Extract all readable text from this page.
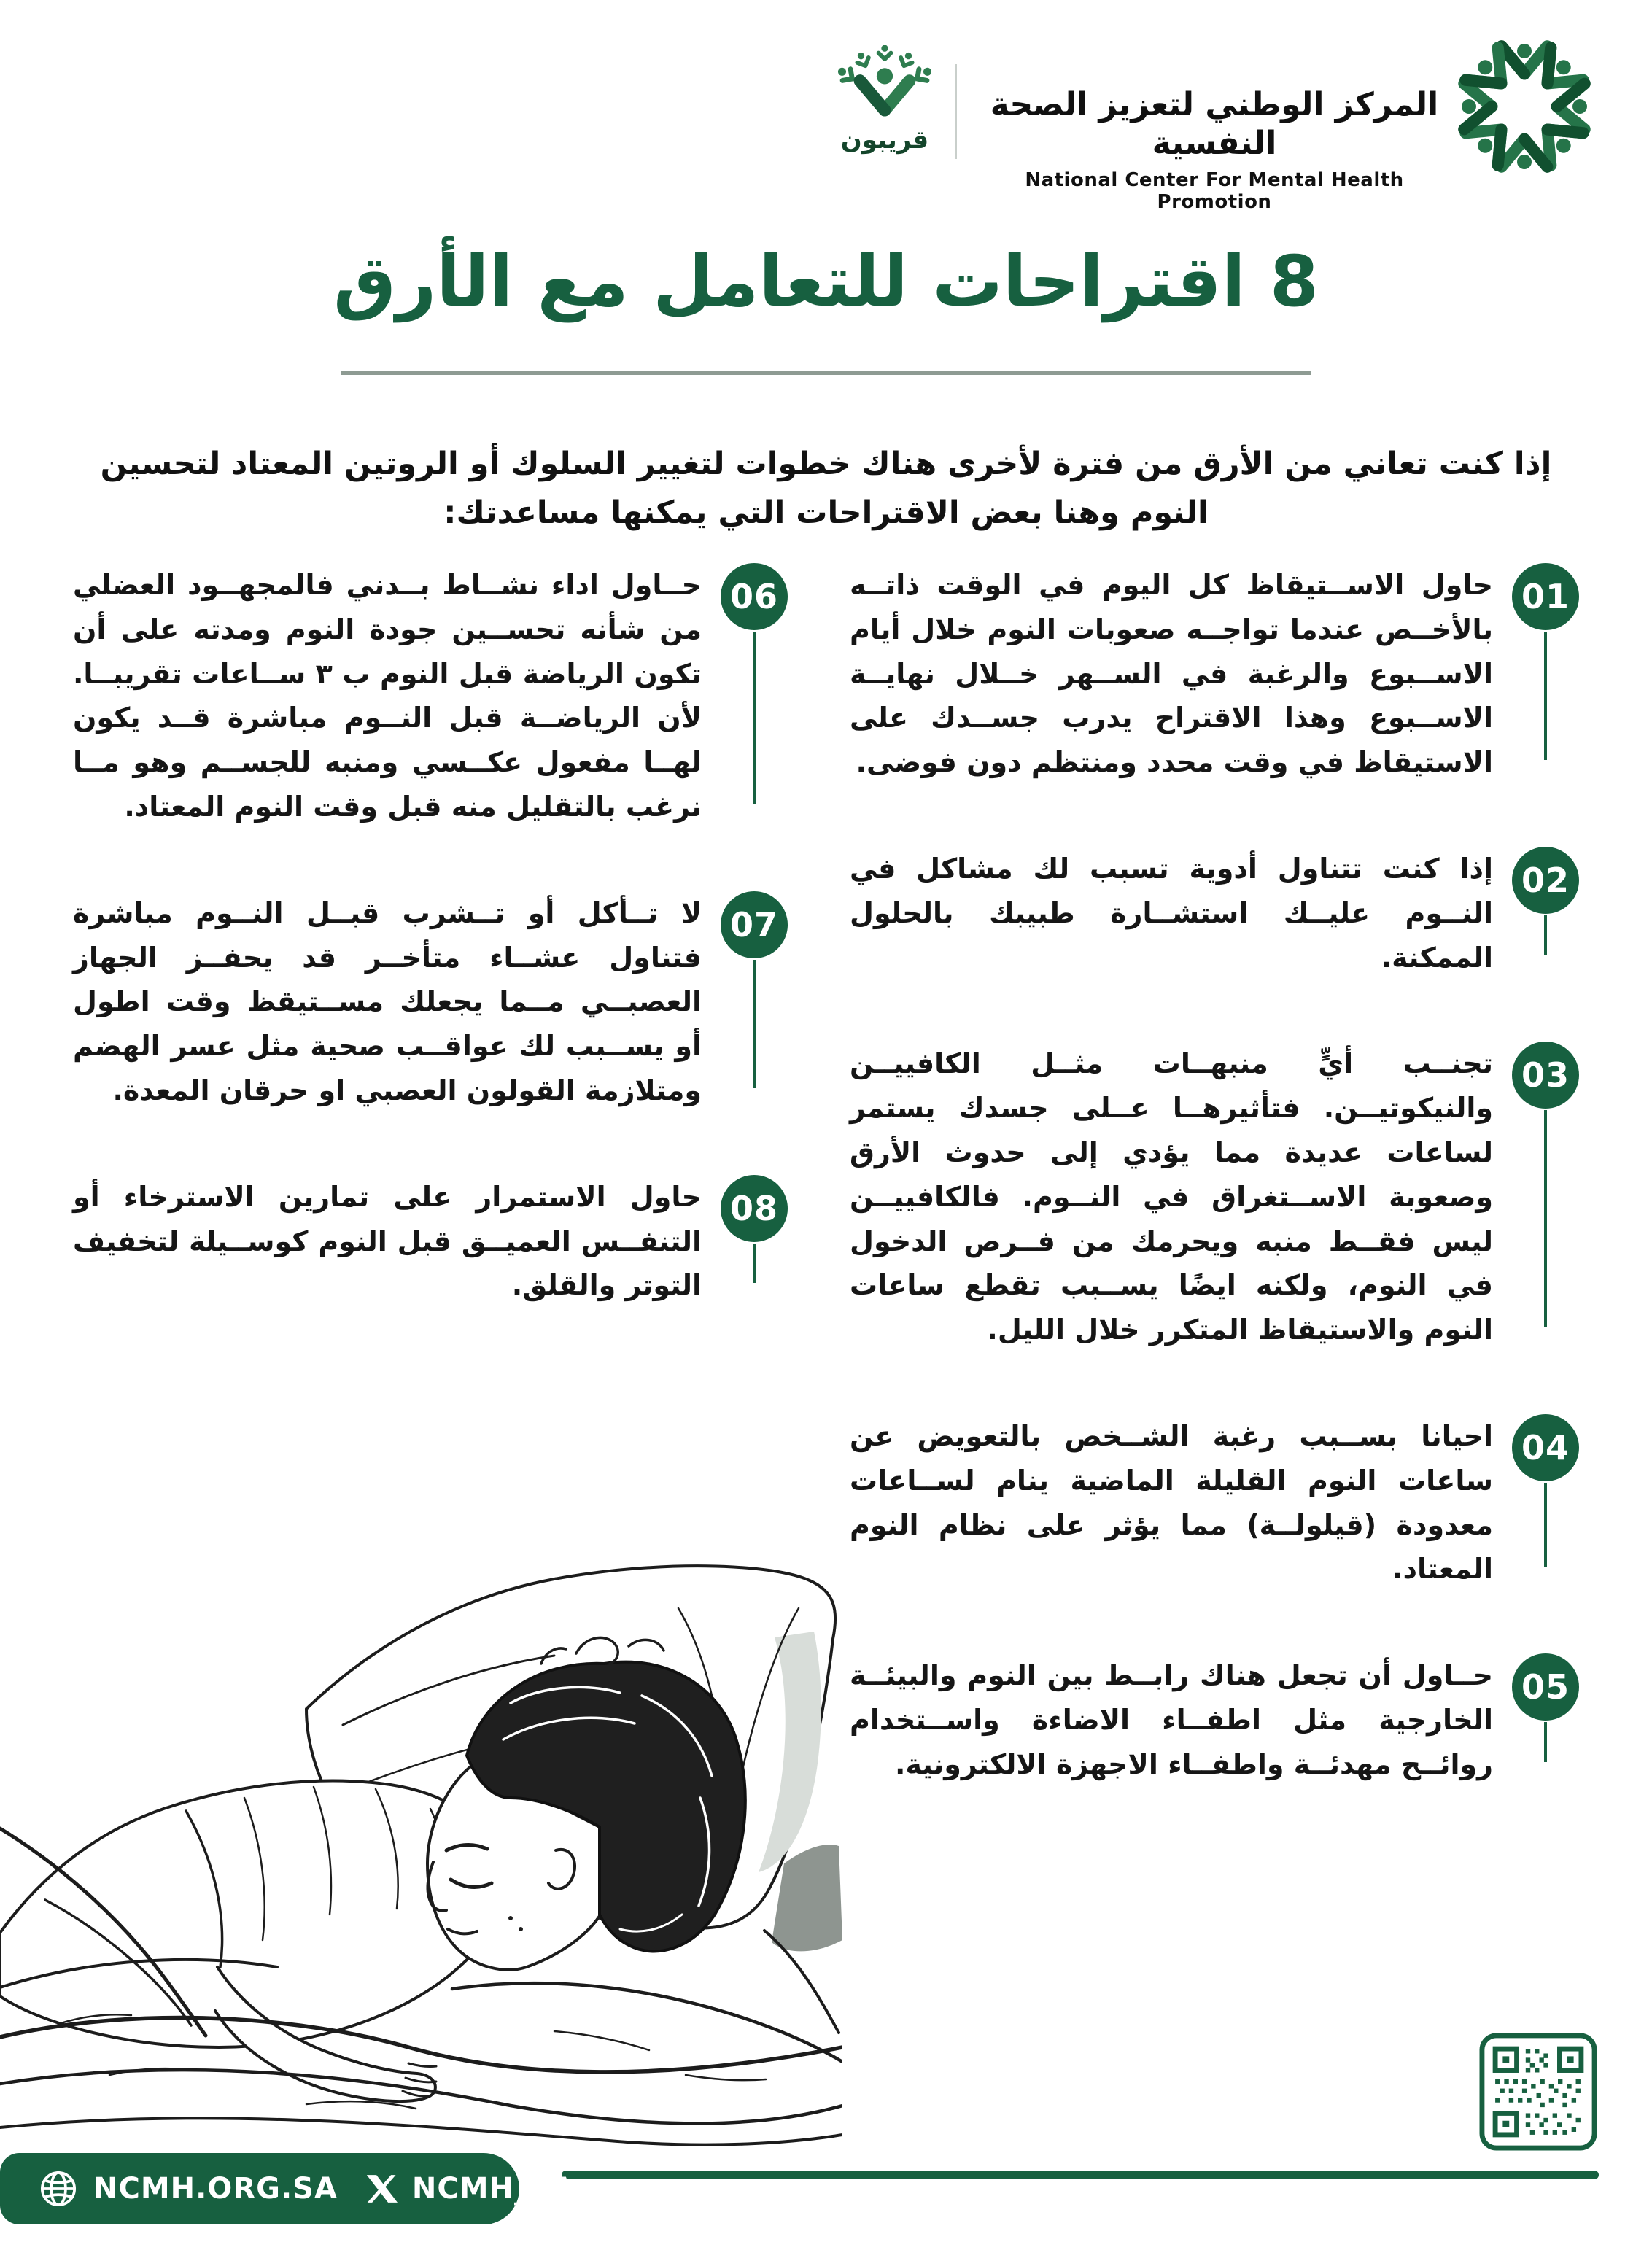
قريبون
المركز الوطني لتعزيز الصحة النفسية
National Center For Mental Health Promotion
8 اقتراحات للتعامل مع الأرق

إذا كنت تعاني من الأرق من فترة لأخرى هناك خطوات لتغيير السلوك أو الروتين المعتاد لتحسين النوم وهنا بعض الاقتراحات التي يمكنها مساعدتك:

01

حاول الاســتيقاظ كل اليوم في الوقت ذاتــه بالأخــص عندما تواجــه صعوبات النوم خلال أيام الاســبوع والرغبة في الســهر خــلال نهايــة الاســبوع وهذا الاقتراح يدرب جســدك على الاستيقاظ في وقت محدد ومنتظم دون فوضى.

02

إذا كنت تتناول أدوية تسبب لك مشاكل في النــوم عليــك استشــارة طبيبك بالحلول الممكنة.

03

تجنــب أيٍّ منبهــات مثــل الكافييــن والنيكوتيــن. فتأثيرهــا عــلى جسدك يستمر لساعات عديدة مما يؤدي إلى حدوث الأرق وصعوبة الاســتغراق في النــوم. فالكافييــن ليس فقــط منبه ويحرمك من فــرص الدخول في النوم، ولكنه ايضًا يســبب تقطع ساعات النوم والاستيقاظ المتكرر خلال الليل.

04

احيانا بســبب رغبة الشــخص بالتعويض عن ساعات النوم القليلة الماضية ينام لســاعات معدودة (قيلولــة) مما يؤثر على نظام النوم المعتاد.

05

حــاول أن تجعل هناك رابــط بين النوم والبيئــة الخارجية مثل اطفــاء الاضاءة واســتخدام روائــح مهدئــة واطفــاء الاجهزة الالكترونية.

06

حــاول اداء نشــاط بــدني فالمجهــود العضلي من شأنه تحســين جودة النوم ومدته على أن تكون الرياضة قبل النوم ب ٣ ســاعات تقريبــا. لأن الرياضــة قبل النــوم مباشرة قــد يكون لهــا مفعول عكــسي ومنبه للجســم وهو مــا نرغب بالتقليل منه قبل وقت النوم المعتاد.

07

لا تــأكل أو تــشرب قبــل النــوم مباشرة فتناول عشــاء متأخــر قد يحفــز الجهاز العصبــي مــما يجعلك مســتيقظ وقت اطول أو يســبب لك عواقــب صحية مثل عسر الهضم ومتلازمة القولون العصبي او حرقان المعدة.

08

حاول الاستمرار على تمارين الاسترخاء أو التنفــس العميــق قبل النوم كوســيلة لتخفيف التوتر والقلق.

NCMH.ORG.SA	NCMH_SA
